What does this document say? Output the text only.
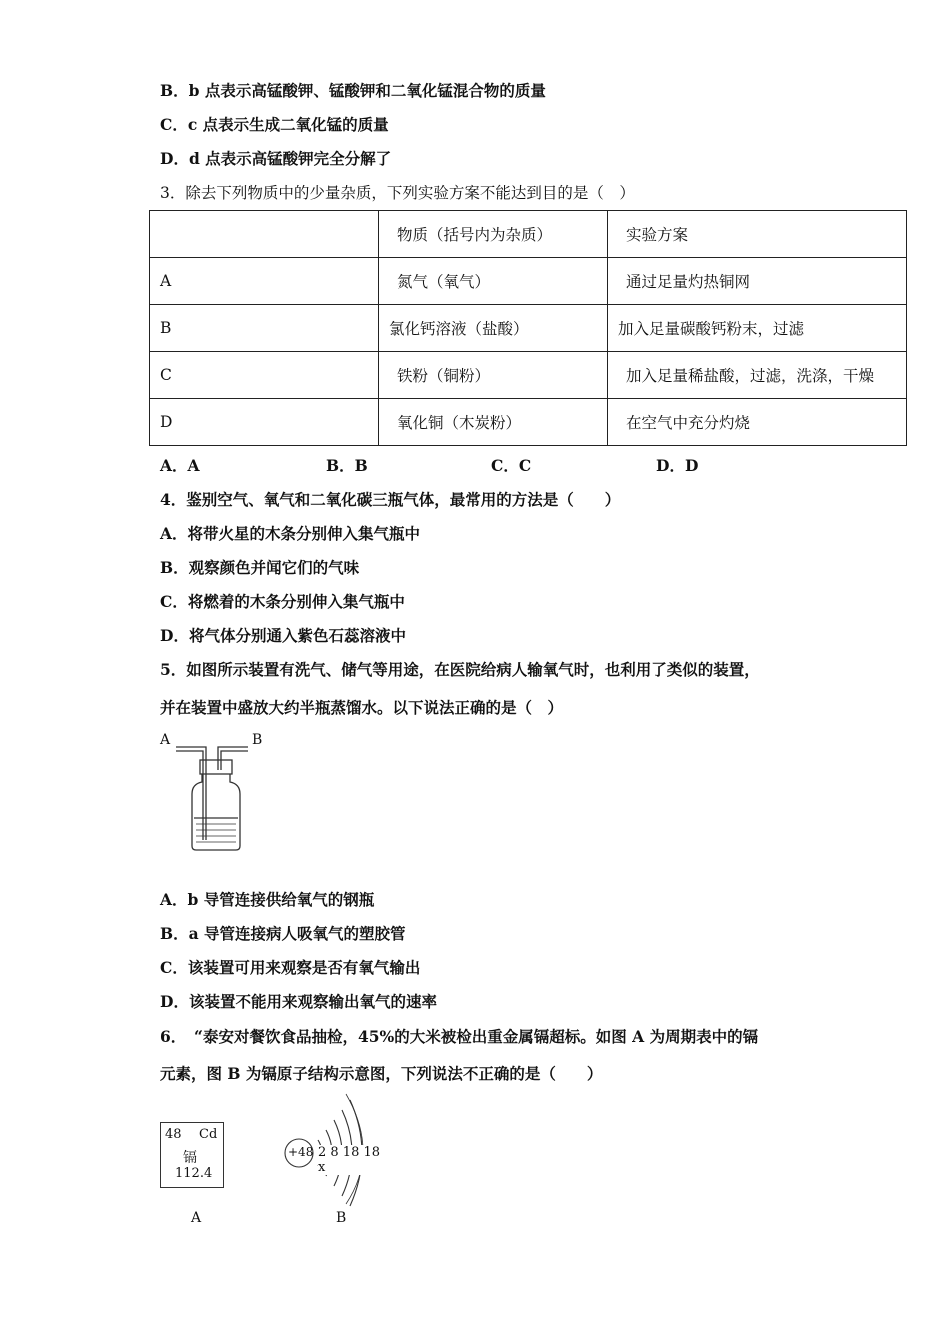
B．b 点表示高锰酸钾、锰酸钾和二氧化锰混合物的质量
C．c 点表示生成二氧化锰的质量
D．d 点表示高锰酸钾完全分解了
3．除去下列物质中的少量杂质，下列实验方案不能达到目的是（　）
	物质（括号内为杂质）	实验方案
A	氮气（氧气）	通过足量灼热铜网
B	氯化钙溶液（盐酸）	加入足量碳酸钙粉末，过滤
C	铁粉（铜粉）	加入足量稀盐酸，过滤，洗涤，干燥
D	氧化铜（木炭粉）	在空气中充分灼烧
A．A	B．B	C．C	D．D
4．鉴别空气、氧气和二氧化碳三瓶气体，最常用的方法是（　　）
A．将带火星的木条分别伸入集气瓶中
B．观察颜色并闻它们的气味
C．将燃着的木条分别伸入集气瓶中
D．将气体分别通入紫色石蕊溶液中
5．如图所示装置有洗气、储气等用途，在医院给病人输氧气时，也利用了类似的装置，
并在装置中盛放大约半瓶蒸馏水。以下说法正确的是（　）
A	B
A．b 导管连接供给氧气的钢瓶
B．a 导管连接病人吸氧气的塑胶管
C．该装置可用来观察是否有氧气输出
D．该装置不能用来观察输出氧气的速率
6．　“泰安对餐饮食品抽检，45%的大米被检出重金属镉超标。如图 A 为周期表中的镉
元素，图 B 为镉原子结构示意图，下列说法不正确的是（　　）
48 Cd
镉
112.4
A
+48 2 8 18 18 x
B
